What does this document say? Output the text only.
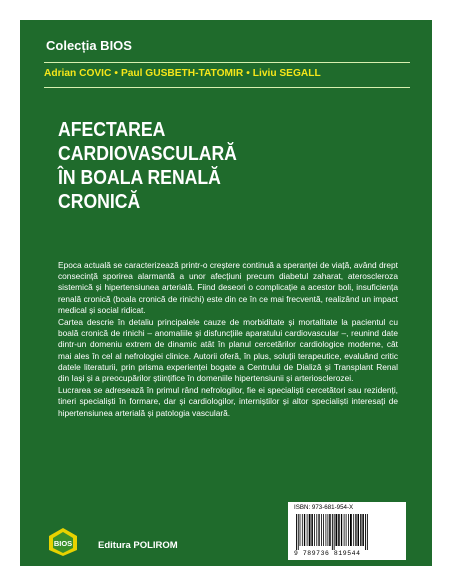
Colecția BIOS
Adrian COVIC • Paul GUSBETH-TATOMIR • Liviu SEGALL
AFECTAREA
CARDIOVASCULARĂ
ÎN BOALA RENALĂ
CRONICĂ

Epoca actuală se caracterizează printr-o creștere continuă a speranței de viață, având drept consecință sporirea alarmantă a unor afecțiuni precum diabetul zaharat, ateroscleroza sistemică și hipertensiunea arterială. Fiind deseori o complicație a acestor boli, insuficiența renală cronică (boala cronică de rinichi) este din ce în ce mai frecventă, realizând un impact medical și social ridicat.

Cartea descrie în detaliu principalele cauze de morbiditate și mortalitate la pacientul cu boală cronică de rinichi – anomaliile și disfuncțiile aparatului cardiovascular –, reunind date dintr-un domeniu extrem de dinamic atât în planul cercetărilor cardiologice moderne, cât mai ales în cel al nefrologiei clinice. Autorii oferă, în plus, soluții terapeutice, evaluând critic datele literaturii, prin prisma experienței bogate a Centrului de Dializă și Transplant Renal din Iași și a preocupărilor științifice în domeniile hipertensiunii și arteriosclerozei.

Lucrarea se adresează în primul rând nefrologilor, fie ei specialiști cercetători sau rezidenți, tineri specialiști în formare, dar și cardiologilor, interniștilor și altor specialiști interesați de hipertensiunea arterială și patologia vasculară.

BIOS	Editura POLIROM
ISBN: 973-681-954-X
9 789736 819544
